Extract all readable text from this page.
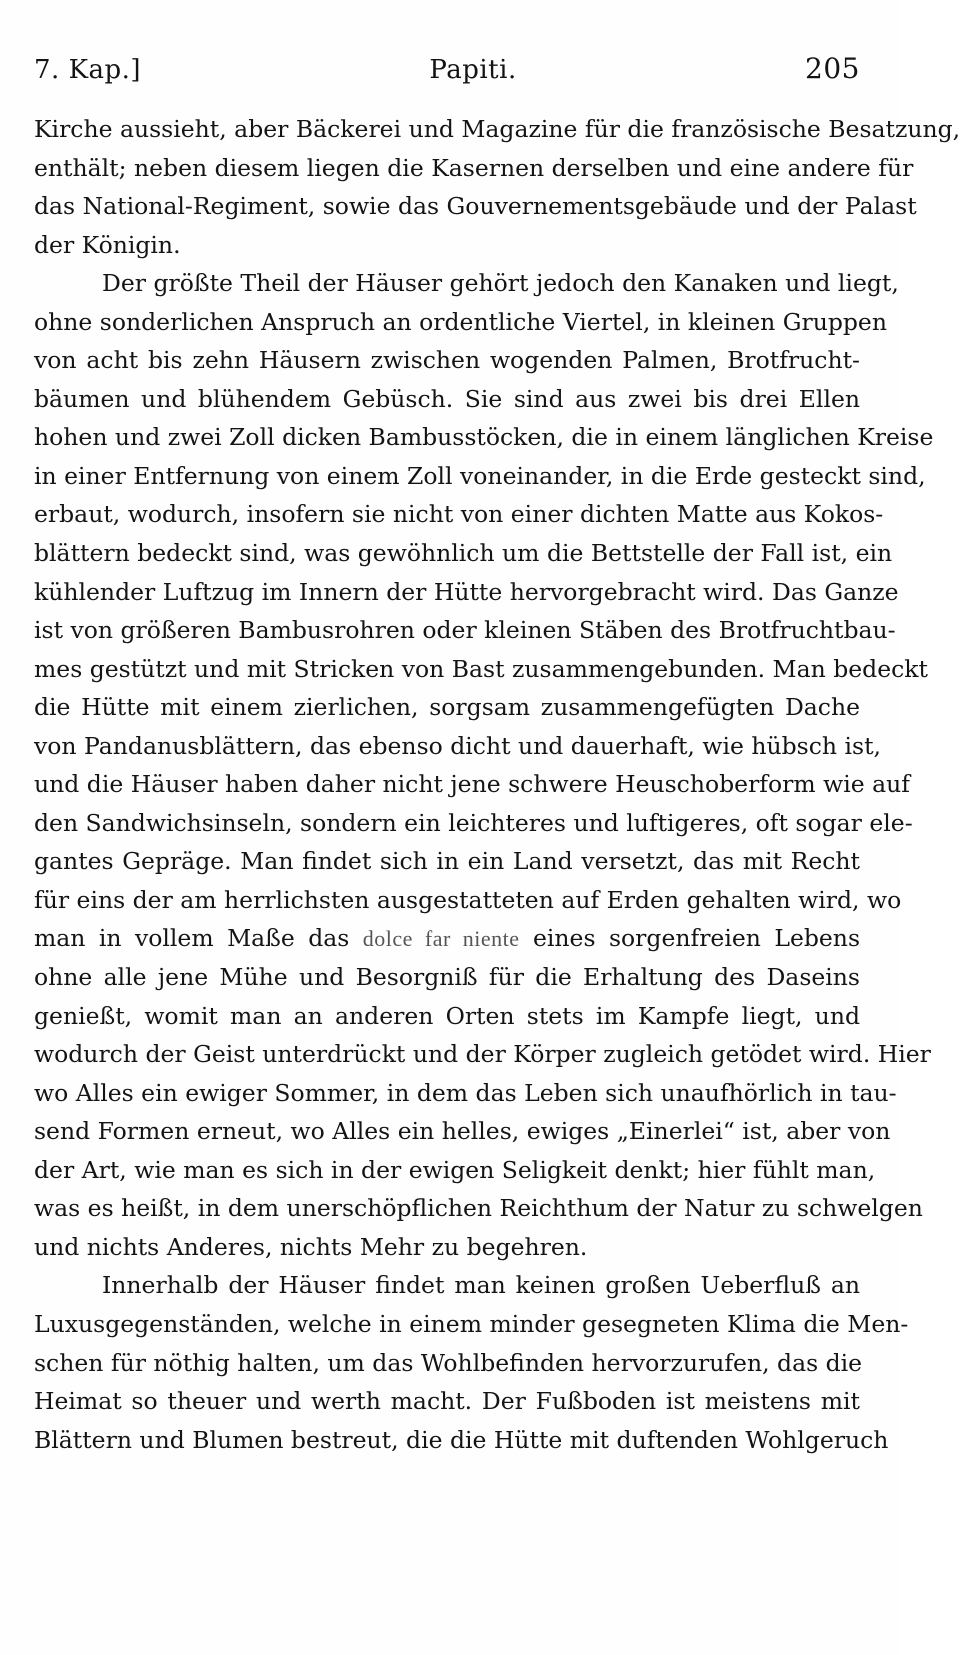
7. Kap.]	Papiti.	205
Kirche aussieht, aber Bäckerei und Magazine für die französische Besatzung,
enthält; neben diesem liegen die Kasernen derselben und eine andere für
das National-Regiment, sowie das Gouvernementsgebäude und der Palast
der Königin.
Der größte Theil der Häuser gehört jedoch den Kanaken und liegt,
ohne sonderlichen Anspruch an ordentliche Viertel, in kleinen Gruppen
von acht bis zehn Häusern zwischen wogenden Palmen, Brotfrucht-
bäumen und blühendem Gebüsch. Sie sind aus zwei bis drei Ellen
hohen und zwei Zoll dicken Bambusstöcken, die in einem länglichen Kreise
in einer Entfernung von einem Zoll voneinander, in die Erde gesteckt sind,
erbaut, wodurch, insofern sie nicht von einer dichten Matte aus Kokos-
blättern bedeckt sind, was gewöhnlich um die Bettstelle der Fall ist, ein
kühlender Luftzug im Innern der Hütte hervorgebracht wird. Das Ganze
ist von größeren Bambusrohren oder kleinen Stäben des Brotfruchtbau-
mes gestützt und mit Stricken von Bast zusammengebunden. Man bedeckt
die Hütte mit einem zierlichen, sorgsam zusammengefügten Dache
von Pandanusblättern, das ebenso dicht und dauerhaft, wie hübsch ist,
und die Häuser haben daher nicht jene schwere Heuschoberform wie auf
den Sandwichsinseln, sondern ein leichteres und luftigeres, oft sogar ele-
gantes Gepräge. Man findet sich in ein Land versetzt, das mit Recht
für eins der am herrlichsten ausgestatteten auf Erden gehalten wird, wo
man in vollem Maße das dolce far niente eines sorgenfreien Lebens
ohne alle jene Mühe und Besorgniß für die Erhaltung des Daseins
genießt, womit man an anderen Orten stets im Kampfe liegt, und
wodurch der Geist unterdrückt und der Körper zugleich getödet wird. Hier
wo Alles ein ewiger Sommer, in dem das Leben sich unaufhörlich in tau-
send Formen erneut, wo Alles ein helles, ewiges „Einerlei“ ist, aber von
der Art, wie man es sich in der ewigen Seligkeit denkt; hier fühlt man,
was es heißt, in dem unerschöpflichen Reichthum der Natur zu schwelgen
und nichts Anderes, nichts Mehr zu begehren.
Innerhalb der Häuser findet man keinen großen Ueberfluß an
Luxusgegenständen, welche in einem minder gesegneten Klima die Men-
schen für nöthig halten, um das Wohlbefinden hervorzurufen, das die
Heimat so theuer und werth macht. Der Fußboden ist meistens mit
Blättern und Blumen bestreut, die die Hütte mit duftenden Wohlgeruch
